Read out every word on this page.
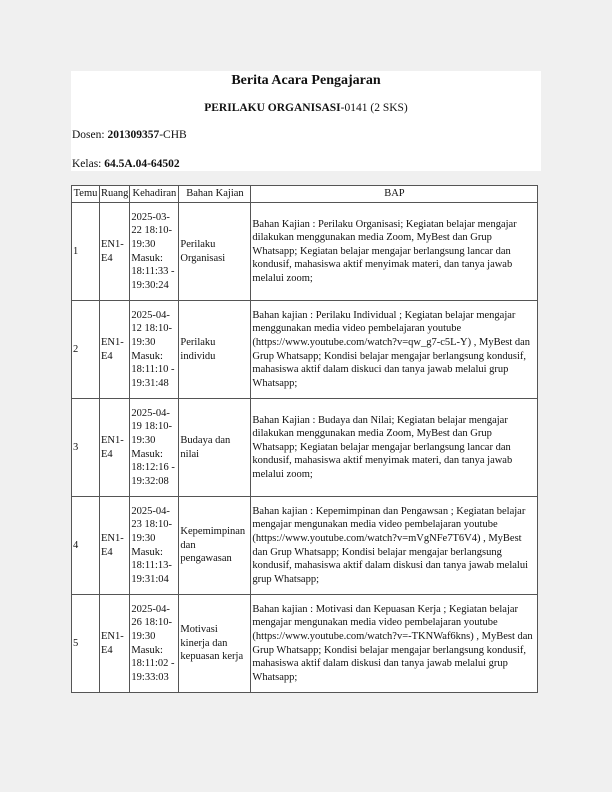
Berita Acara Pengajaran
PERILAKU ORGANISASI-0141 (2 SKS)
Dosen: 201309357-CHB
Kelas: 64.5A.04-64502
Temu	Ruang	Kehadiran	Bahan Kajian	BAP
1	EN1-E4	2025-03-22 18:10-19:30 Masuk: 18:11:33 - 19:30:24	Perilaku Organisasi	Bahan Kajian : Perilaku Organisasi; Kegiatan belajar mengajar dilakukan menggunakan media Zoom, MyBest dan Grup Whatsapp; Kegiatan belajar mengajar berlangsung lancar dan kondusif, mahasiswa aktif menyimak materi, dan tanya jawab melalui zoom;
2	EN1-E4	2025-04-12 18:10-19:30 Masuk: 18:11:10 - 19:31:48	Perilaku individu	Bahan kajian : Perilaku Individual ; Kegiatan belajar mengajar menggunakan media video pembelajaran youtube (https://www.youtube.com/watch?v=qw_g7-c5L-Y) , MyBest dan Grup Whatsapp; Kondisi belajar mengajar berlangsung kondusif, mahasiswa aktif dalam diskuci dan tanya jawab melalui grup Whatsapp;
3	EN1-E4	2025-04-19 18:10-19:30 Masuk: 18:12:16 - 19:32:08	Budaya dan nilai	Bahan Kajian : Budaya dan Nilai; Kegiatan belajar mengajar dilakukan menggunakan media Zoom, MyBest dan Grup Whatsapp; Kegiatan belajar mengajar berlangsung lancar dan kondusif, mahasiswa aktif menyimak materi, dan tanya jawab melalui zoom;
4	EN1-E4	2025-04-23 18:10-19:30 Masuk: 18:11:13-19:31:04	Kepemimpinan dan pengawasan	Bahan kajian : Kepemimpinan dan Pengawsan ; Kegiatan belajar mengajar mengunakan media video pembelajaran youtube (https://www.youtube.com/watch?v=mVgNFe7T6V4) , MyBest dan Grup Whatsapp; Kondisi belajar mengajar berlangsung kondusif, mahasiswa aktif dalam diskusi dan tanya jawab melalui grup Whatsapp;
5	EN1-E4	2025-04-26 18:10-19:30 Masuk: 18:11:02 - 19:33:03	Motivasi kinerja dan kepuasan kerja	Bahan kajian : Motivasi dan Kepuasan Kerja ; Kegiatan belajar mengajar mengunakan media video pembelajaran youtube (https://www.youtube.com/watch?v=-TKNWaf6kns) , MyBest dan Grup Whatsapp; Kondisi belajar mengajar berlangsung kondusif, mahasiswa aktif dalam diskusi dan tanya jawab melalui grup Whatsapp;
